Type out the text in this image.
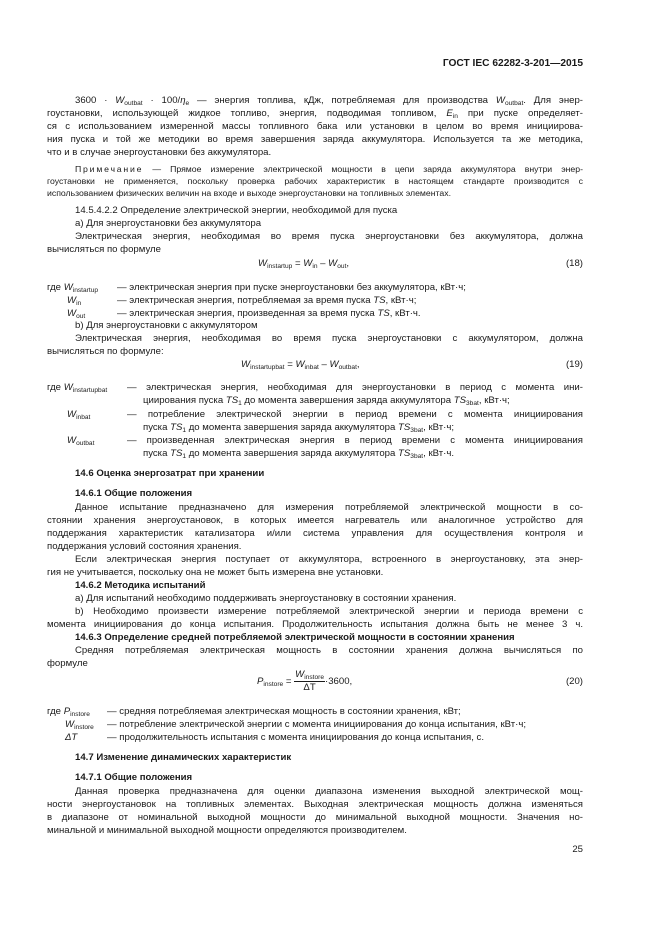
ГОСТ IEC 62282-3-201—2015
$3600 \cdot W_{outbat} \cdot 100/\eta_e$ — энергия топлива, кДж, потребляемая для производства $W_{outbat}$. Для энер-
гоустановки, использующей жидкое топливо, энергия, подводимая топливом, $E_{in}$ при пуске определяет-
ся с использованием измеренной массы топливного бака или установки в целом во время инициирова-
ния пуска и той же методики во время завершения заряда аккумулятора. Используется та же методика,
что и в случае энергоустановки без аккумулятора.
Примечание — Прямое измерение электрической мощности в цепи заряда аккумулятора внутри энер-
гоустановки не применяется, поскольку проверка рабочих характеристик в настоящем стандарте производится с
использованием физических величин на входе и выходе энергоустановки на топливных элементах.
14.5.4.2.2 Определение электрической энергии, необходимой для пуска
а) Для энергоустановки без аккумулятора
Электрическая энергия, необходимая во время пуска энергоустановки без аккумулятора, должна
вычисляться по формуле
$W_{instartup} = W_{in} - W_{out}$,	(18)
где $W_{instartup}$ — электрическая энергия при пуске энергоустановки без аккумулятора, кВт·ч;
$W_{in}$	— электрическая энергия, потребляемая за время пуска TS, кВт·ч;
$W_{out}$	— электрическая энергия, произведенная за время пуска TS, кВт·ч.
b) Для энергоустановки с аккумулятором
Электрическая энергия, необходимая во время пуска энергоустановки с аккумулятором, должна
вычисляться по формуле:
$W_{instartupbat} = W_{inbat} - W_{outbat}$,	(19)
где $W_{instartupbat}$ — электрическая энергия, необходимая для энергоустановки в период с момента ини-
циирования пуска $TS_1$ до момента завершения заряда аккумулятора $TS_{3bat}$, кВт·ч;
$W_{inbat}$	— потребление электрической энергии в период времени с момента инициирования
пуска $TS_1$ до момента завершения заряда аккумулятора $TS_{3bat}$, кВт·ч;
$W_{outbat}$	— произведенная электрическая энергия в период времени с момента инициирования
пуска $TS_1$ до момента завершения заряда аккумулятора $TS_{3bat}$, кВт·ч.
14.6 Оценка энергозатрат при хранении
14.6.1 Общие положения
Данное испытание предназначено для измерения потребляемой электрической мощности в со-
стоянии хранения энергоустановок, в которых имеется нагреватель или аналогичное устройство для
поддержания характеристик катализатора и/или система управления для осуществления контроля и
поддержания условий состояния хранения.
Если электрическая энергия поступает от аккумулятора, встроенного в энергоустановку, эта энер-
гия не учитывается, поскольку она не может быть измерена вне установки.
14.6.2 Методика испытаний
а) Для испытаний необходимо поддерживать энергоустановку в состоянии хранения.
b) Необходимо произвести измерение потребляемой электрической энергии и периода времени с
момента инициирования до конца испытания. Продолжительность испытания должна быть не менее 3 ч.
14.6.3 Определение средней потребляемой электрической мощности в состоянии хранения
Средняя потребляемая электрическая мощность в состоянии хранения должна вычисляться по
формуле
$P_{instore} = \frac{W_{instore}}{\Delta T} \cdot 3600$,	(20)
где $P_{instore}$ — средняя потребляемая электрическая мощность в состоянии хранения, кВт;
$W_{instore}$ — потребление электрической энергии с момента инициирования до конца испытания, кВт·ч;
ΔT	— продолжительность испытания с момента инициирования до конца испытания, с.
14.7 Изменение динамических характеристик
14.7.1 Общие положения
Данная проверка предназначена для оценки диапазона изменения выходной электрической мощ-
ности энергоустановок на топливных элементах. Выходная электрическая мощность должна изменяться
в диапазоне от номинальной выходной мощности до минимальной выходной мощности. Значения но-
минальной и минимальной выходной мощности определяются производителем.
25
